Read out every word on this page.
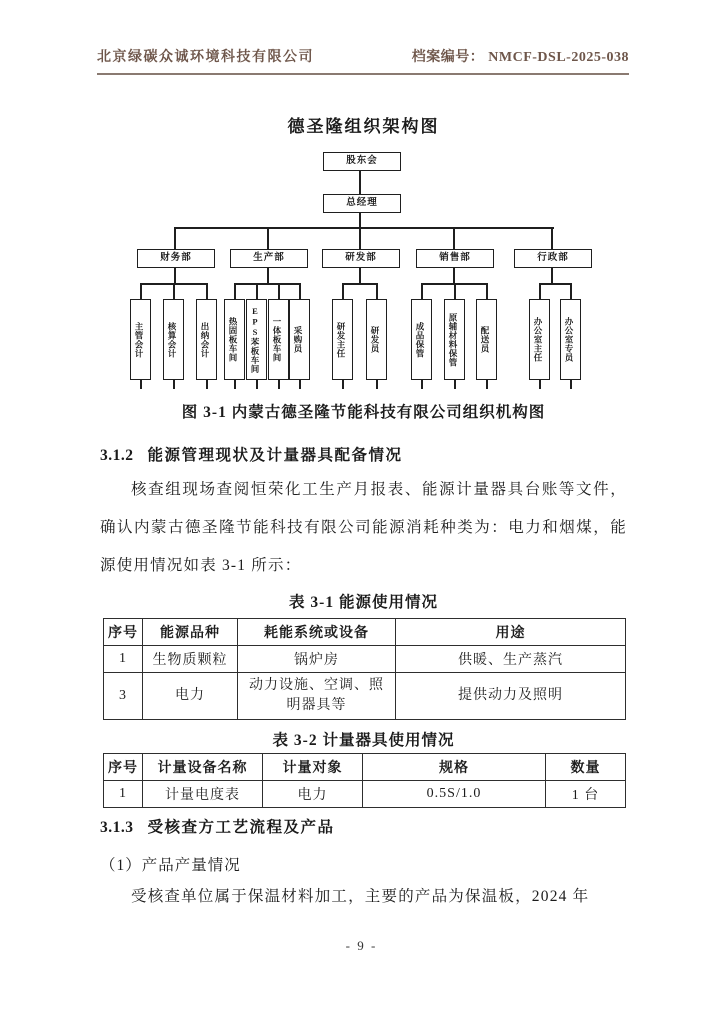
北京绿碳众诚环境科技有限公司	档案编号： NMCF-DSL-2025-038
德圣隆组织架构图
股东会
总经理
财务部	生产部	研发部	销售部	行政部
主管会计	核算会计	出纳会计	热固板车间	EPS苯板车间	一体板车间	采购员	研发主任	研发员	成品保管	原辅材料保管	配送员	办公室主任	办公室专员
图 3-1 内蒙古德圣隆节能科技有限公司组织机构图
3.1.2 能源管理现状及计量器具配备情况
核查组现场查阅恒荣化工生产月报表、能源计量器具台账等文件，确认内蒙古德圣隆节能科技有限公司能源消耗种类为：电力和烟煤，能源使用情况如表 3-1 所示：
表 3-1 能源使用情况
序号	能源品种	耗能系统或设备	用途
1	生物质颗粒	锅炉房	供暖、生产蒸汽
3	电力	动力设施、空调、照明器具等	提供动力及照明
表 3-2 计量器具使用情况
序号	计量设备名称	计量对象	规格	数量
1	计量电度表	电力	0.5S/1.0	1 台
3.1.3 受核查方工艺流程及产品
（1）产品产量情况
受核查单位属于保温材料加工，主要的产品为保温板，2024 年
- 9 -
